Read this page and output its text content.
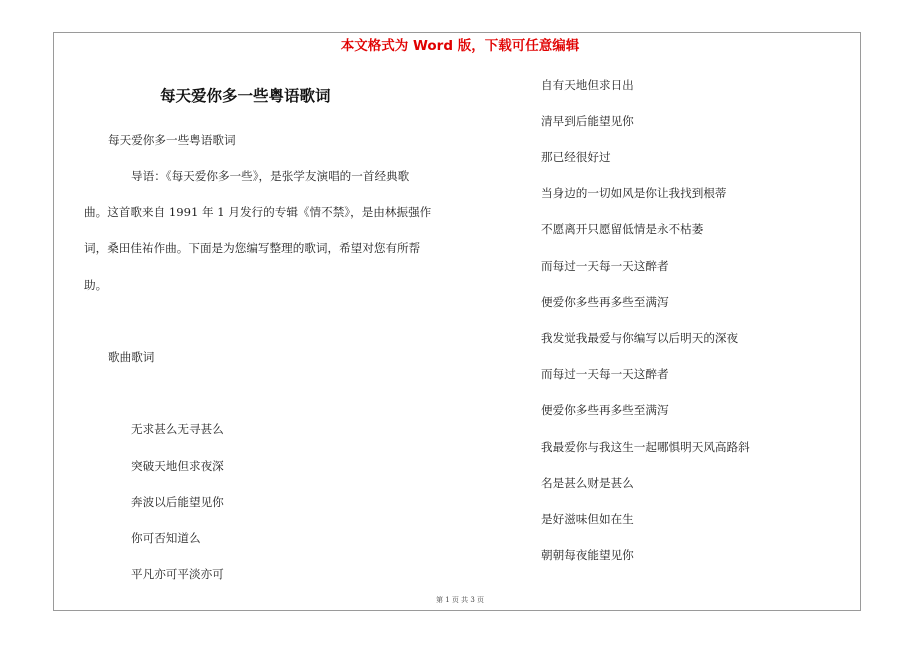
本文格式为 Word 版，下载可任意编辑
每天爱你多一些粤语歌词
每天爱你多一些粤语歌词
导语：《每天爱你多一些》，是张学友演唱的一首经典歌
曲。这首歌来自 1991 年 1 月发行的专辑《情不禁》，是由林振强作
词，桑田佳祐作曲。下面是为您编写整理的歌词，希望对您有所帮
助。
歌曲歌词
无求甚么无寻甚么
突破天地但求夜深
奔波以后能望见你
你可否知道么
平凡亦可平淡亦可
自有天地但求日出
清早到后能望见你
那已经很好过
当身边的一切如风是你让我找到根蒂
不愿离开只愿留低情是永不枯萎
而每过一天每一天这醉者
便爱你多些再多些至满泻
我发觉我最爱与你编写以后明天的深夜
而每过一天每一天这醉者
便爱你多些再多些至满泻
我最爱你与我这生一起哪惧明天风高路斜
名是甚么财是甚么
是好滋味但如在生
朝朝每夜能望见你
第 1 页 共 3 页
